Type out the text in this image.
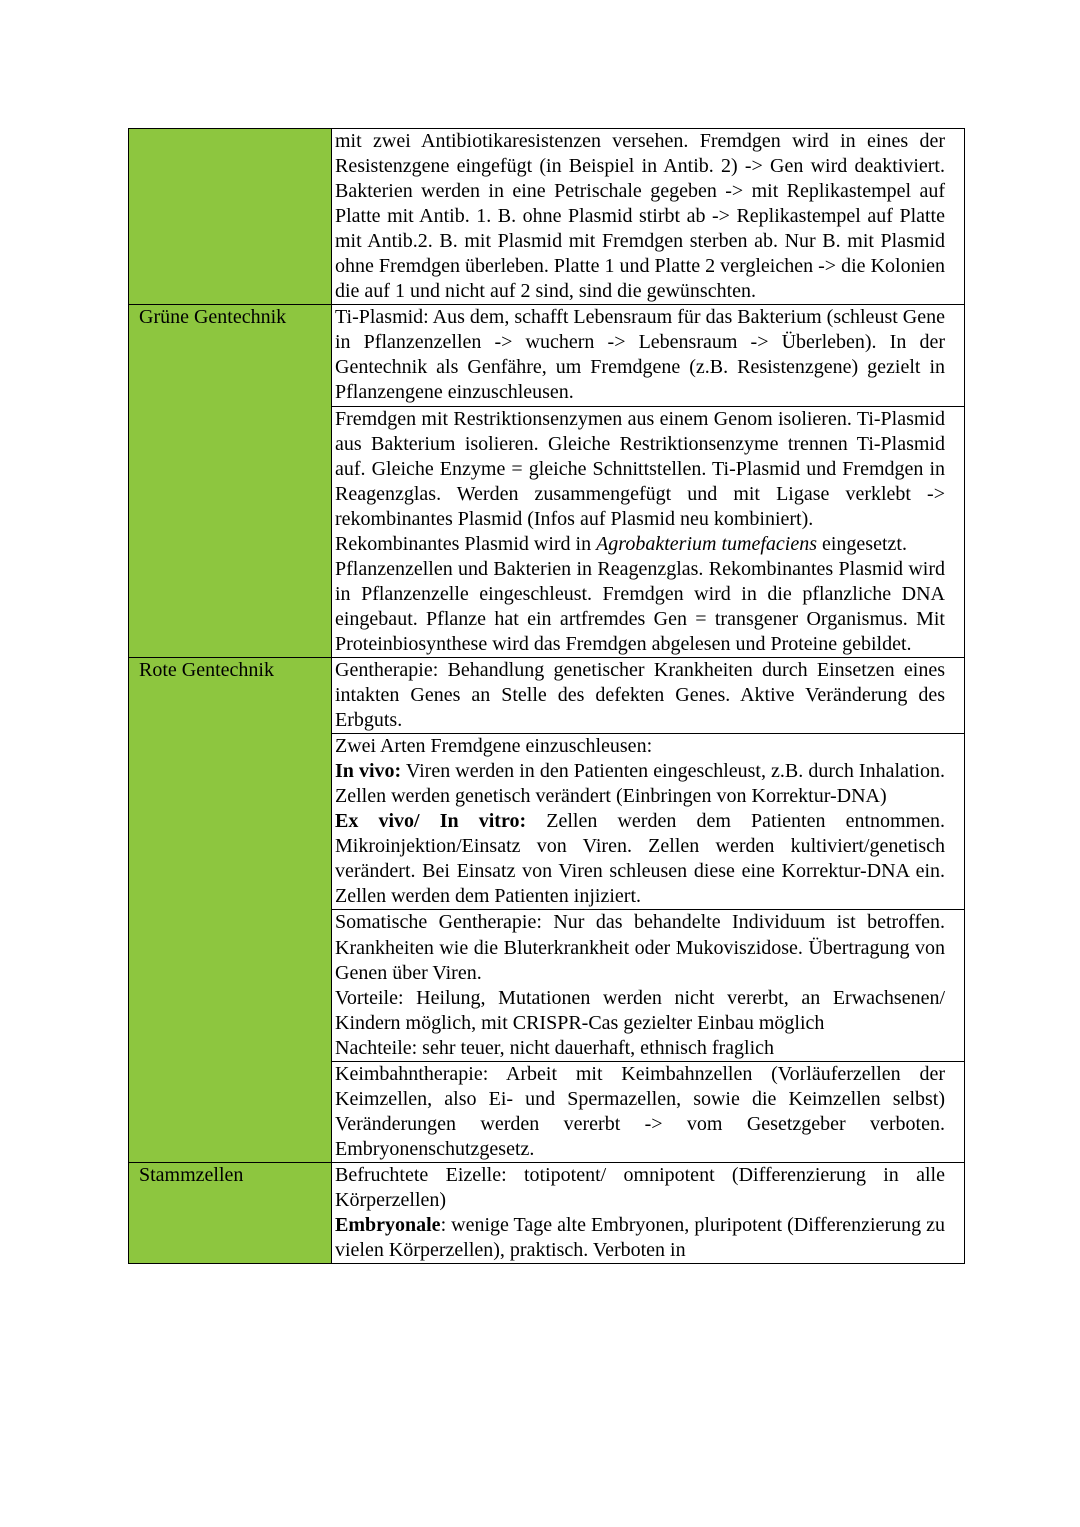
	mit zwei Antibiotikaresistenzen versehen. Fremdgen wird in eines der Resistenzgene eingefügt (in Beispiel in Antib. 2) -> Gen wird deaktiviert. Bakterien werden in eine Petrischale gegeben -> mit Replikastempel auf Platte mit Antib. 1. B. ohne Plasmid stirbt ab -> Replikastempel auf Platte mit Antib.2. B. mit Plasmid mit Fremdgen sterben ab. Nur B. mit Plasmid ohne Fremdgen überleben. Platte 1 und Platte 2 vergleichen -> die Kolonien die auf 1 und nicht auf 2 sind, sind die gewünschten.

Grüne Gentechnik	Ti-Plasmid: Aus dem, schafft Lebensraum für das Bakterium (schleust Gene in Pflanzenzellen -> wuchern -> Lebensraum -> Überleben). In der Gentechnik als Genfähre, um Fremdgene (z.B. Resistenzgene) gezielt in Pflanzengene einzuschleusen.

	Fremdgen mit Restriktionsenzymen aus einem Genom isolieren. Ti-Plasmid aus Bakterium isolieren. Gleiche Restriktionsenzyme trennen Ti-Plasmid auf. Gleiche Enzyme = gleiche Schnittstellen. Ti-Plasmid und Fremdgen in Reagenzglas. Werden zusammengefügt und mit Ligase verklebt -> rekombinantes Plasmid (Infos auf Plasmid neu kombiniert).

Rekombinantes Plasmid wird in Agrobakterium tumefaciens eingesetzt.

Pflanzenzellen und Bakterien in Reagenzglas. Rekombinantes Plasmid wird in Pflanzenzelle eingeschleust. Fremdgen wird in die pflanzliche DNA eingebaut. Pflanze hat ein artfremdes Gen = transgener Organismus. Mit Proteinbiosynthese wird das Fremdgen abgelesen und Proteine gebildet.

Rote Gentechnik	Gentherapie: Behandlung genetischer Krankheiten durch Einsetzen eines intakten Genes an Stelle des defekten Genes. Aktive Veränderung des Erbguts.

	Zwei Arten Fremdgene einzuschleusen:

In vivo: Viren werden in den Patienten eingeschleust, z.B. durch Inhalation. Zellen werden genetisch verändert (Einbringen von Korrektur-DNA)

Ex vivo/ In vitro: Zellen werden dem Patienten entnommen. Mikroinjektion/Einsatz von Viren. Zellen werden kultiviert/genetisch verändert. Bei Einsatz von Viren schleusen diese eine Korrektur-DNA ein. Zellen werden dem Patienten injiziert.

	Somatische Gentherapie: Nur das behandelte Individuum ist betroffen. Krankheiten wie die Bluterkrankheit oder Mukoviszidose. Übertragung von Genen über Viren.

Vorteile: Heilung, Mutationen werden nicht vererbt, an Erwachsenen/ Kindern möglich, mit CRISPR-Cas gezielter Einbau möglich

Nachteile: sehr teuer, nicht dauerhaft, ethnisch fraglich

	Keimbahntherapie: Arbeit mit Keimbahnzellen (Vorläuferzellen der Keimzellen, also Ei- und Spermazellen, sowie die Keimzellen selbst) Veränderungen werden vererbt -> vom Gesetzgeber verboten. Embryonenschutzgesetz.

Stammzellen	Befruchtete Eizelle: totipotent/ omnipotent (Differenzierung in alle Körperzellen)

Embryonale: wenige Tage alte Embryonen, pluripotent (Differenzierung zu vielen Körperzellen), praktisch. Verboten in
